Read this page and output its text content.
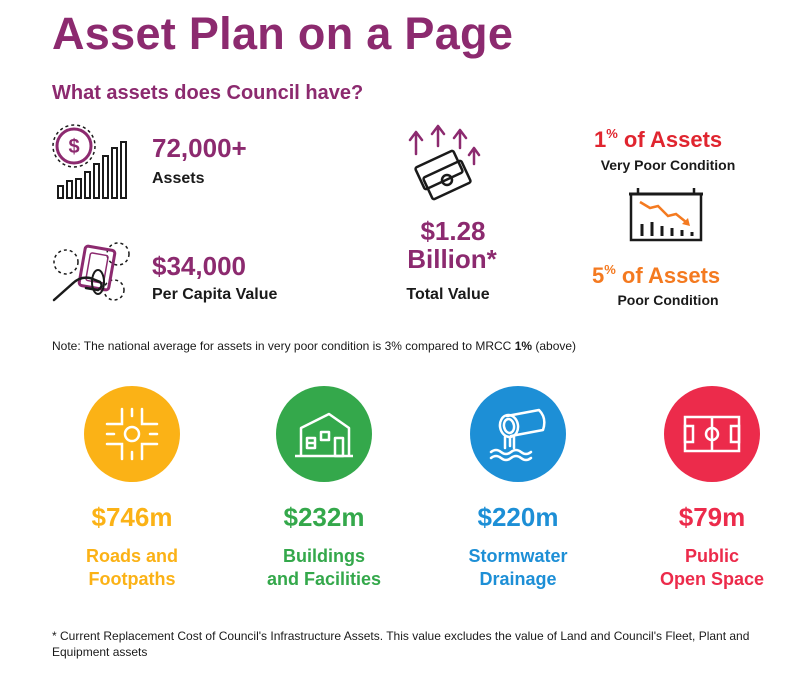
Asset Plan on a Page
What assets does Council have?
$	72,000+
Assets
$34,000
Per Capita Value
$1.28
Billion*
Total Value
1% of Assets
Very Poor Condition
5% of Assets
Poor Condition
Note: The national average for assets in very poor condition is 3% compared to MRCC 1% (above)
$746m
Roads and
Footpaths
$232m
Buildings
and Facilities
$220m
Stormwater
Drainage
$79m
Public
Open Space
* Current Replacement Cost of Council's Infrastructure Assets. This value excludes the value of Land and Council's Fleet, Plant and Equipment assets
